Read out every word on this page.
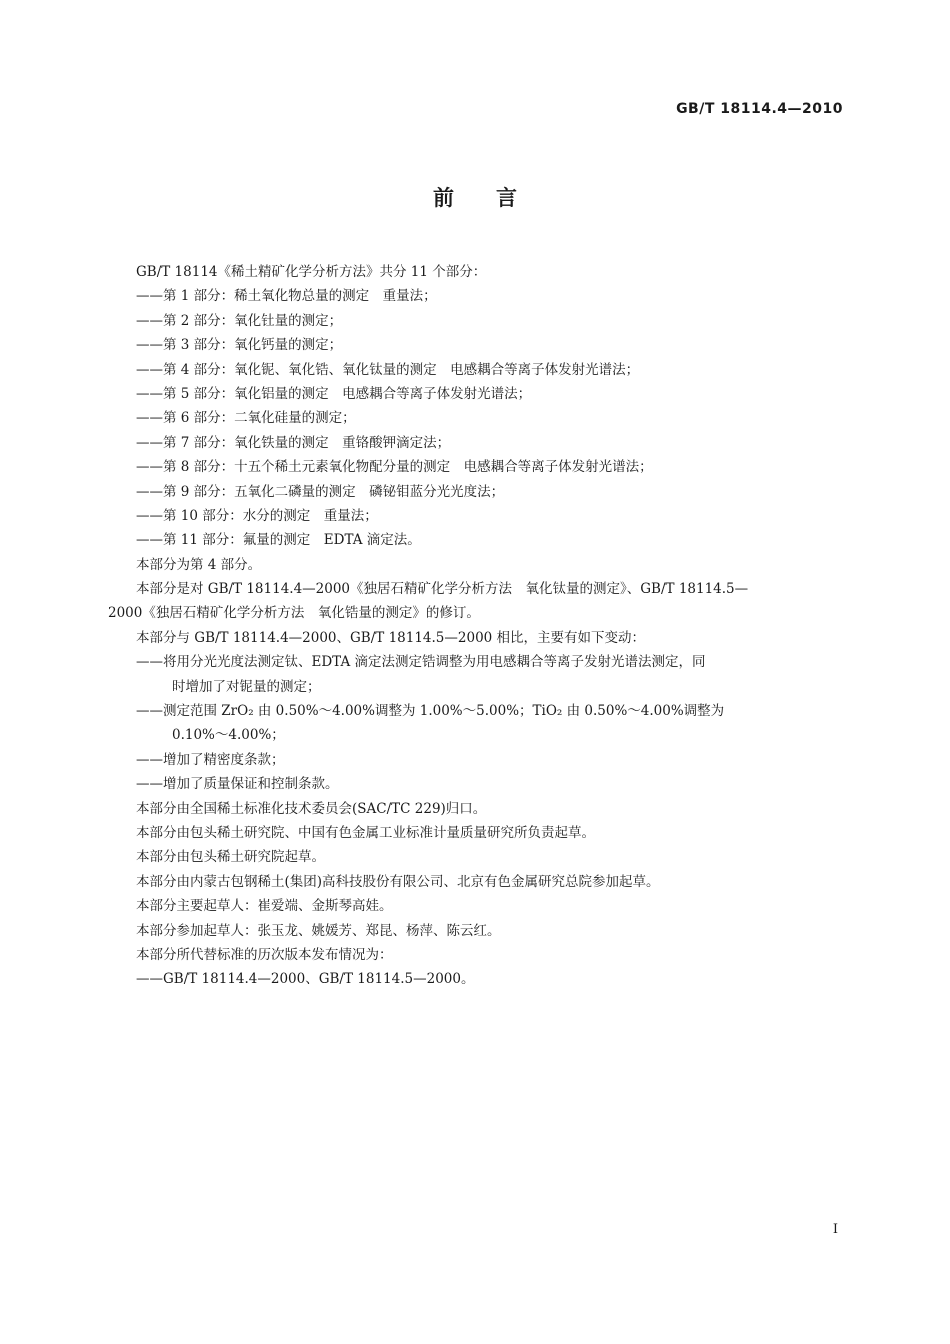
GB/T 18114.4—2010
前　　言
GB/T 18114《稀土精矿化学分析方法》共分 11 个部分：
——第 1 部分：稀土氧化物总量的测定　重量法；
——第 2 部分：氧化钍量的测定；
——第 3 部分：氧化钙量的测定；
——第 4 部分：氧化铌、氧化锆、氧化钛量的测定　电感耦合等离子体发射光谱法；
——第 5 部分：氧化铝量的测定　电感耦合等离子体发射光谱法；
——第 6 部分：二氧化硅量的测定；
——第 7 部分：氧化铁量的测定　重铬酸钾滴定法；
——第 8 部分：十五个稀土元素氧化物配分量的测定　电感耦合等离子体发射光谱法；
——第 9 部分：五氧化二磷量的测定　磷铋钼蓝分光光度法；
——第 10 部分：水分的测定　重量法；
——第 11 部分：氟量的测定　EDTA 滴定法。
本部分为第 4 部分。
本部分是对 GB/T 18114.4—2000《独居石精矿化学分析方法　氧化钛量的测定》、GB/T 18114.5—
2000《独居石精矿化学分析方法　氧化锆量的测定》的修订。
本部分与 GB/T 18114.4—2000、GB/T 18114.5—2000 相比，主要有如下变动：
——将用分光光度法测定钛、EDTA 滴定法测定锆调整为用电感耦合等离子发射光谱法测定，同
时增加了对铌量的测定；
——测定范围 ZrO₂ 由 0.50%～4.00%调整为 1.00%～5.00%；TiO₂ 由 0.50%～4.00%调整为
0.10%～4.00%；
——增加了精密度条款；
——增加了质量保证和控制条款。
本部分由全国稀土标准化技术委员会(SAC/TC 229)归口。
本部分由包头稀土研究院、中国有色金属工业标准计量质量研究所负责起草。
本部分由包头稀土研究院起草。
本部分由内蒙古包钢稀土(集团)高科技股份有限公司、北京有色金属研究总院参加起草。
本部分主要起草人：崔爱端、金斯琴高娃。
本部分参加起草人：张玉龙、姚媛芳、郑昆、杨萍、陈云红。
本部分所代替标准的历次版本发布情况为：
——GB/T 18114.4—2000、GB/T 18114.5—2000。
I
